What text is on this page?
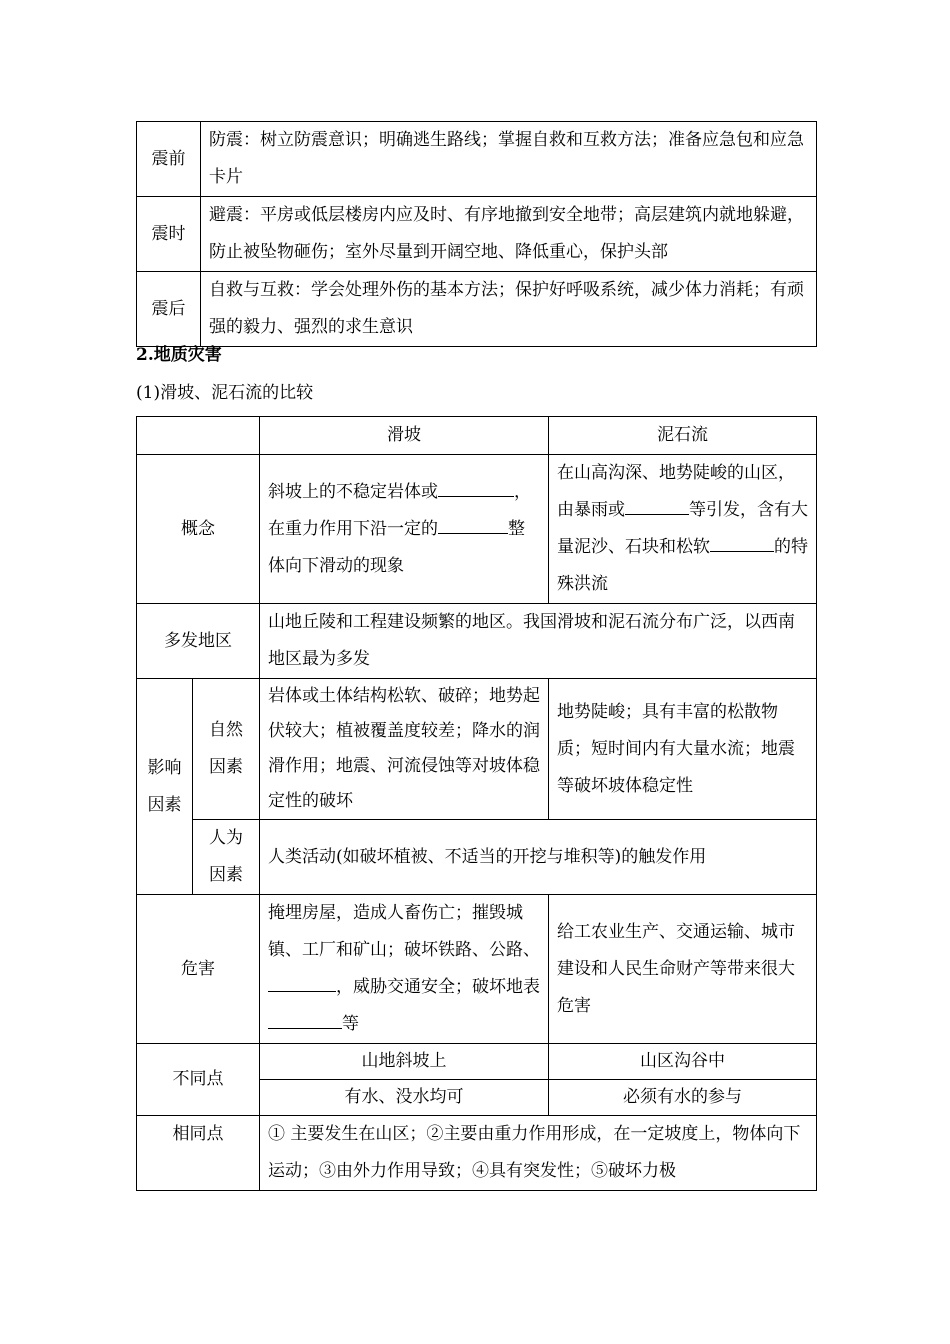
震前	防震：树立防震意识；明确逃生路线；掌握自救和互救方法；准备应急包和应急卡片
震时	避震：平房或低层楼房内应及时、有序地撤到安全地带；高层建筑内就地躲避，防止被坠物砸伤；室外尽量到开阔空地、降低重心，保护头部
震后	自救与互救：学会处理外伤的基本方法；保护好呼吸系统，减少体力消耗；有顽强的毅力、强烈的求生意识
2.地质灾害
(1)滑坡、泥石流的比较
		滑坡	泥石流
概念		斜坡上的不稳定岩体或 ，在重力作用下沿一定的 整体向下滑动的现象	在山高沟深、地势陡峻的山区，由暴雨或 等引发，含有大量泥沙、石块和松软 的特殊洪流
多发地区		山地丘陵和工程建设频繁的地区。我国滑坡和泥石流分布广泛，以西南地区最为多发	
影响因素	自然因素	岩体或土体结构松软、破碎；地势起伏较大；植被覆盖度较差；降水的润滑作用；地震、河流侵蚀等对坡体稳定性的破坏	地势陡峻；具有丰富的松散物质；短时间内有大量水流；地震等破坏坡体稳定性
	人为因素	人类活动(如破坏植被、不适当的开挖与堆积等)的触发作用	
危害		掩埋房屋，造成人畜伤亡；摧毁城镇、工厂和矿山；破坏铁路、公路、，威胁交通安全；破坏地表等	给工农业生产、交通运输、城市建设和人民生命财产等带来很大危害
不同点		山地斜坡上	山区沟谷中
		有水、没水均可	必须有水的参与
相同点		① 主要发生在山区；②主要由重力作用形成，在一定坡度上，物体向下运动；③由外力作用导致；④具有突发性；⑤破坏力极	
